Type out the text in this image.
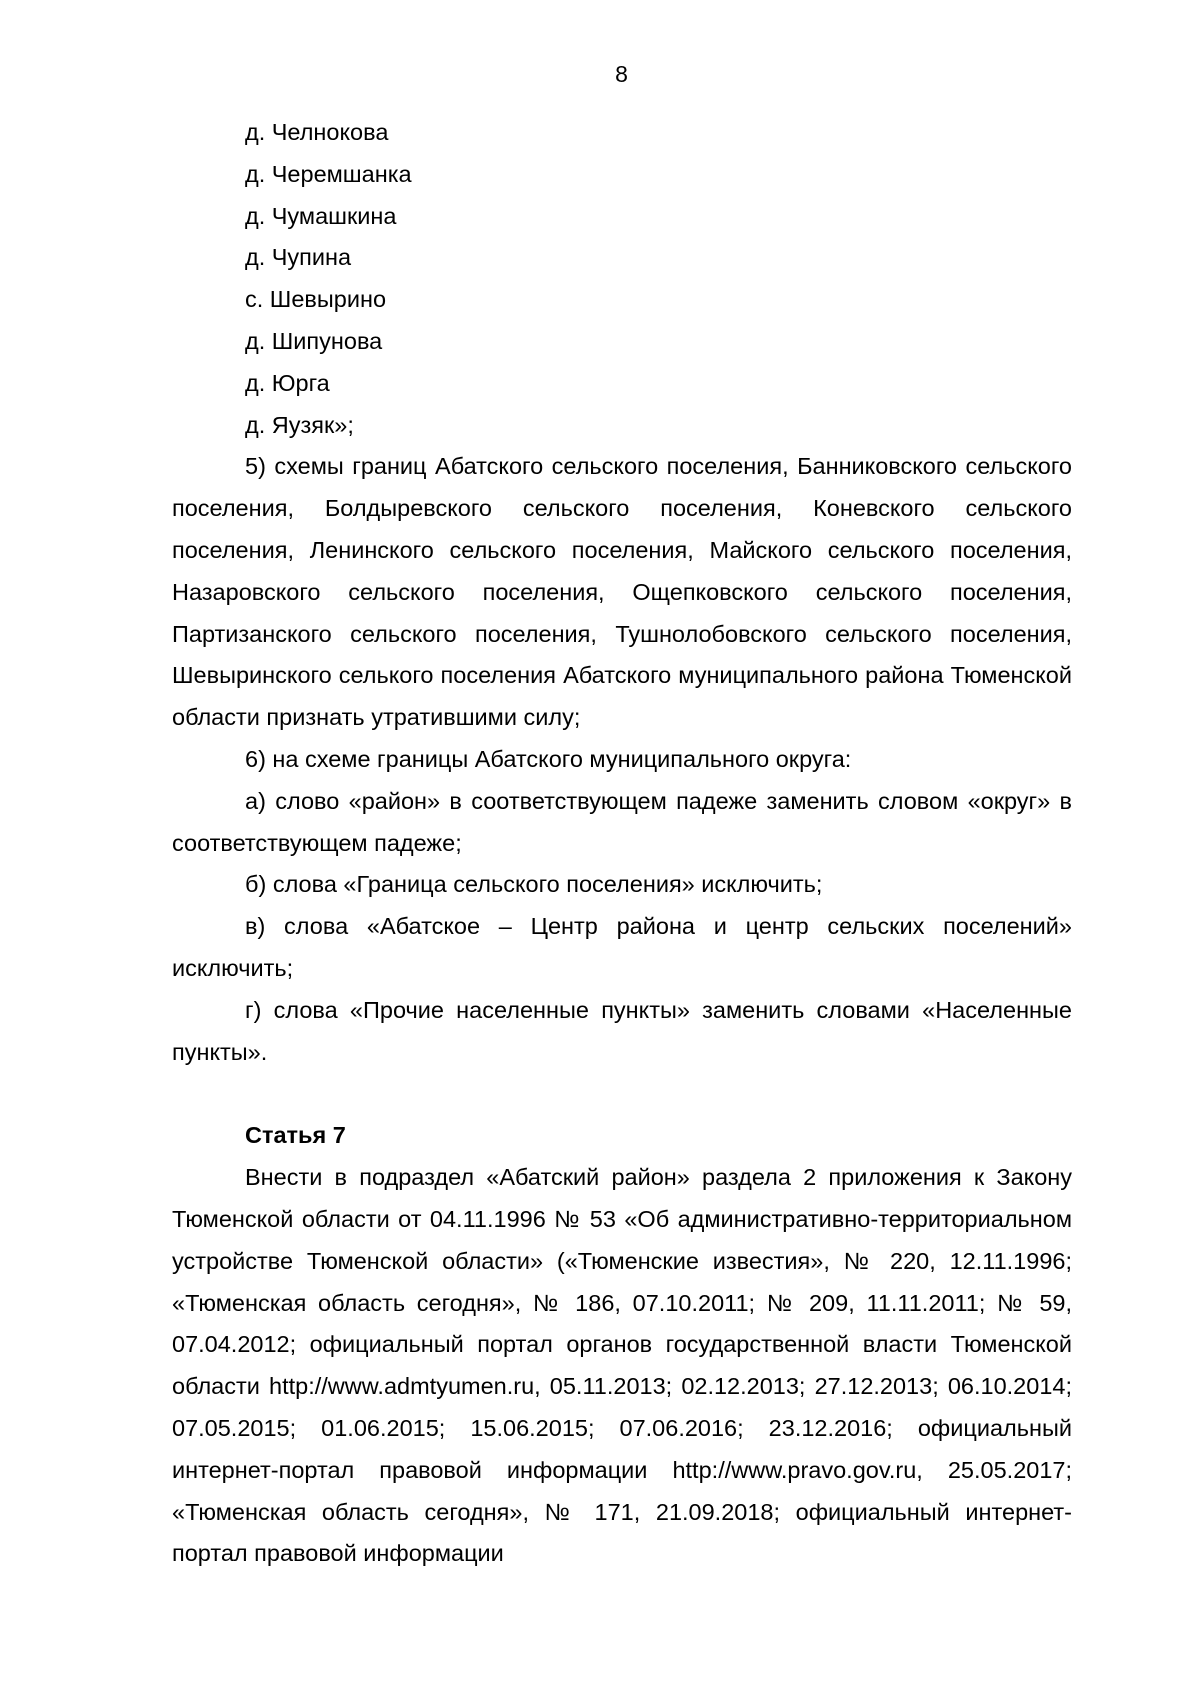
8

д. Челнокова

д. Черемшанка

д. Чумашкина

д. Чупина

с. Шевырино

д. Шипунова

д. Юрга

д. Яузяк»;

5) схемы границ Абатского сельского поселения, Банниковского сельского поселения, Болдыревского сельского поселения, Коневского сельского поселения, Ленинского сельского поселения, Майского сельского поселения, Назаровского сельского поселения, Ощепковского сельского поселения, Партизанского сельского поселения, Тушнолобовского сельского поселения, Шевыринского селького поселения Абатского муниципального района Тюменской области признать утратившими силу;

6) на схеме границы Абатского муниципального округа:

а) слово «район» в соответствующем падеже заменить словом «округ» в соответствующем падеже;

б) слова «Граница сельского поселения» исключить;

в) слова «Абатское – Центр района и центр сельских поселений» исключить;

г) слова «Прочие населенные пункты» заменить словами «Населенные пункты».

Статья 7

Внести в подраздел «Абатский район» раздела 2 приложения к Закону Тюменской области от 04.11.1996 № 53 «Об административно-территориальном устройстве Тюменской области» («Тюменские известия», № 220, 12.11.1996; «Тюменская область сегодня», № 186, 07.10.2011; № 209, 11.11.2011; № 59, 07.04.2012; официальный портал органов государственной власти Тюменской области http://www.admtyumen.ru, 05.11.2013; 02.12.2013; 27.12.2013; 06.10.2014; 07.05.2015; 01.06.2015; 15.06.2015; 07.06.2016; 23.12.2016; официальный интернет-портал правовой информации http://www.pravo.gov.ru, 25.05.2017; «Тюменская область сегодня», № 171, 21.09.2018; официальный интернет-портал правовой информации
